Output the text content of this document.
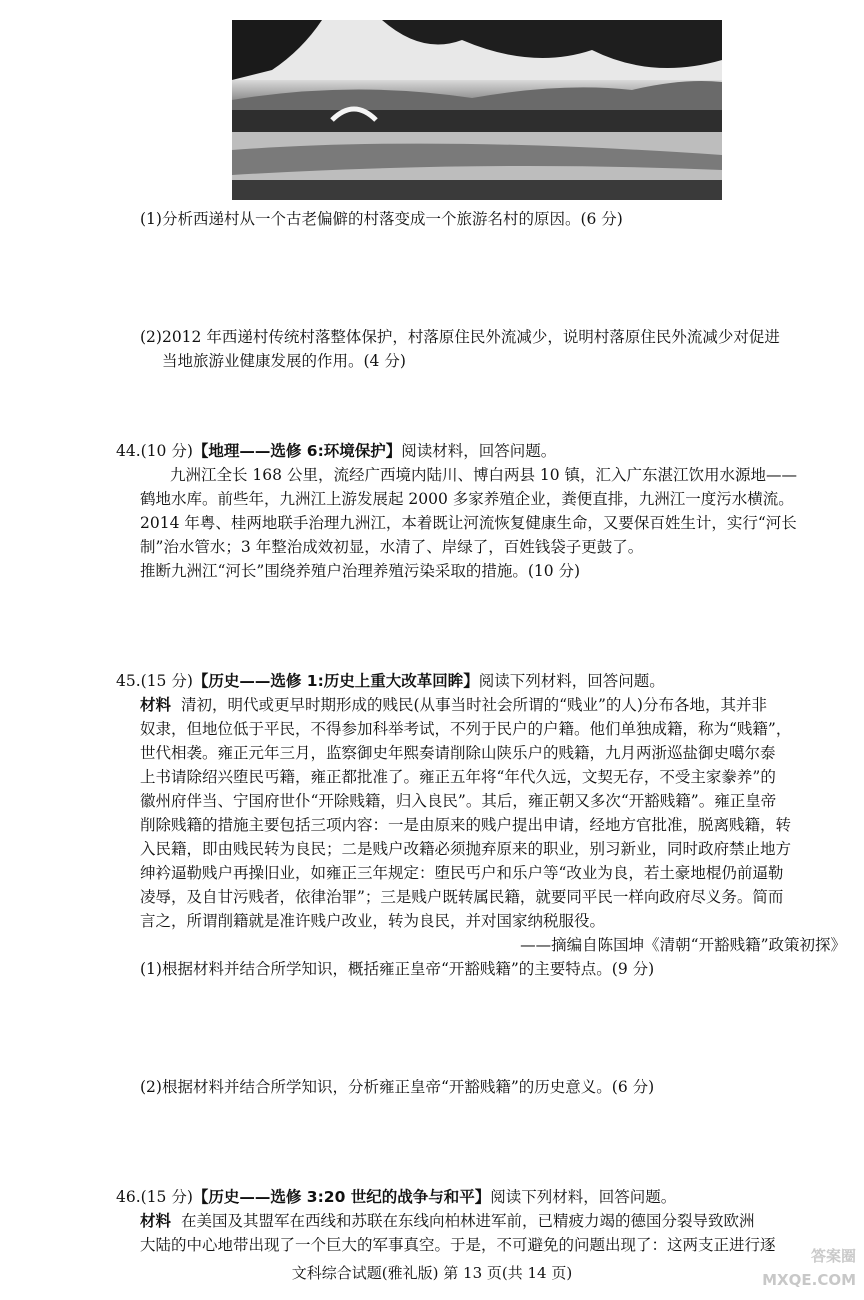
(1)分析西递村从一个古老偏僻的村落变成一个旅游名村的原因。(6 分)
(2)2012 年西递村传统村落整体保护，村落原住民外流减少，说明村落原住民外流减少对促进
当地旅游业健康发展的作用。(4 分)
44.(10 分)【地理——选修 6:环境保护】阅读材料，回答问题。
九洲江全长 168 公里，流经广西境内陆川、博白两县 10 镇，汇入广东湛江饮用水源地——
鹤地水库。前些年，九洲江上游发展起 2000 多家养殖企业，粪便直排，九洲江一度污水横流。
2014 年粤、桂两地联手治理九洲江，本着既让河流恢复健康生命，又要保百姓生计，实行“河长
制”治水管水；3 年整治成效初显，水清了、岸绿了，百姓钱袋子更鼓了。
推断九洲江“河长”围绕养殖户治理养殖污染采取的措施。(10 分)
45.(15 分)【历史——选修 1:历史上重大改革回眸】阅读下列材料，回答问题。
材料 清初，明代或更早时期形成的贱民(从事当时社会所谓的“贱业”的人)分布各地，其并非
奴隶，但地位低于平民，不得参加科举考试，不列于民户的户籍。他们单独成籍，称为“贱籍”，
世代相袭。雍正元年三月，监察御史年熙奏请削除山陕乐户的贱籍，九月两浙巡盐御史噶尔泰
上书请除绍兴堕民丐籍，雍正都批准了。雍正五年将“年代久远，文契无存，不受主家豢养”的
徽州府伴当、宁国府世仆“开除贱籍，归入良民”。其后，雍正朝又多次“开豁贱籍”。雍正皇帝
削除贱籍的措施主要包括三项内容：一是由原来的贱户提出申请，经地方官批准，脱离贱籍，转
入民籍，即由贱民转为良民；二是贱户改籍必须抛弃原来的职业，别习新业，同时政府禁止地方
绅衿逼勒贱户再操旧业，如雍正三年规定：堕民丐户和乐户等“改业为良，若土豪地棍仍前逼勒
凌辱，及自甘污贱者，依律治罪”；三是贱户既转属民籍，就要同平民一样向政府尽义务。简而
言之，所谓削籍就是准许贱户改业，转为良民，并对国家纳税服役。
——摘编自陈国坤《清朝“开豁贱籍”政策初探》
(1)根据材料并结合所学知识，概括雍正皇帝“开豁贱籍”的主要特点。(9 分)
(2)根据材料并结合所学知识，分析雍正皇帝“开豁贱籍”的历史意义。(6 分)
46.(15 分)【历史——选修 3:20 世纪的战争与和平】阅读下列材料，回答问题。
材料 在美国及其盟军在西线和苏联在东线向柏林进军前，已精疲力竭的德国分裂导致欧洲
大陆的中心地带出现了一个巨大的军事真空。于是，不可避免的问题出现了：这两支正进行逐
文科综合试题(雅礼版) 第 13 页(共 14 页)
答案圈
MXQE.COM
